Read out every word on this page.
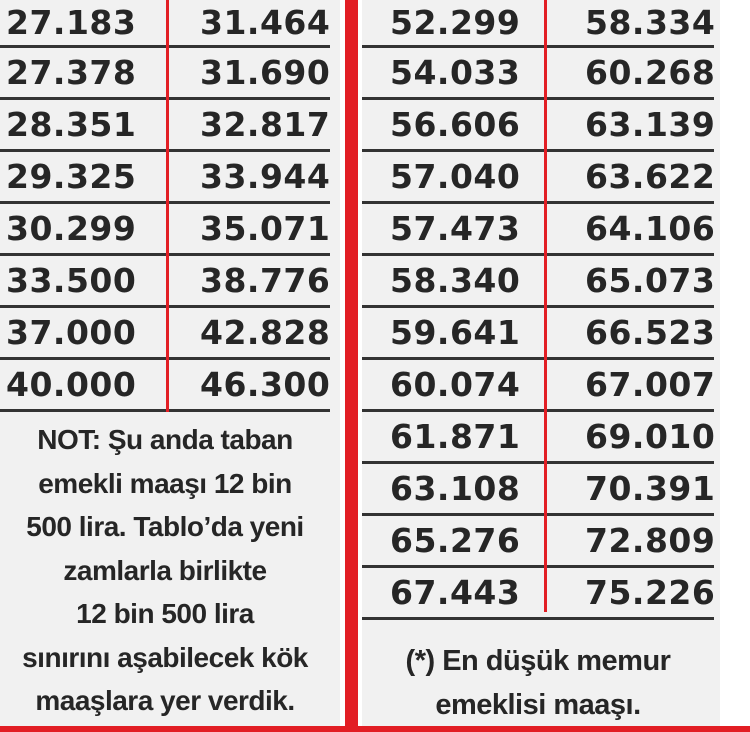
27.183 31.464
27.378 31.690
28.351 32.817
29.325 33.944
30.299 35.071
33.500 38.776
37.000 42.828
40.000 46.300
NOT: Şu anda taban
emekli maaşı 12 bin
500 lira. Tablo’da yeni
zamlarla birlikte
12 bin 500 lira
sınırını aşabilecek kök
maaşlara yer verdik.
52.299 58.334
54.033 60.268
56.606 63.139
57.040 63.622
57.473 64.106
58.340 65.073
59.641 66.523
60.074 67.007
61.871 69.010
63.108 70.391
65.276 72.809
67.443 75.226
(*) En düşük memur
emeklisi maaşı.
